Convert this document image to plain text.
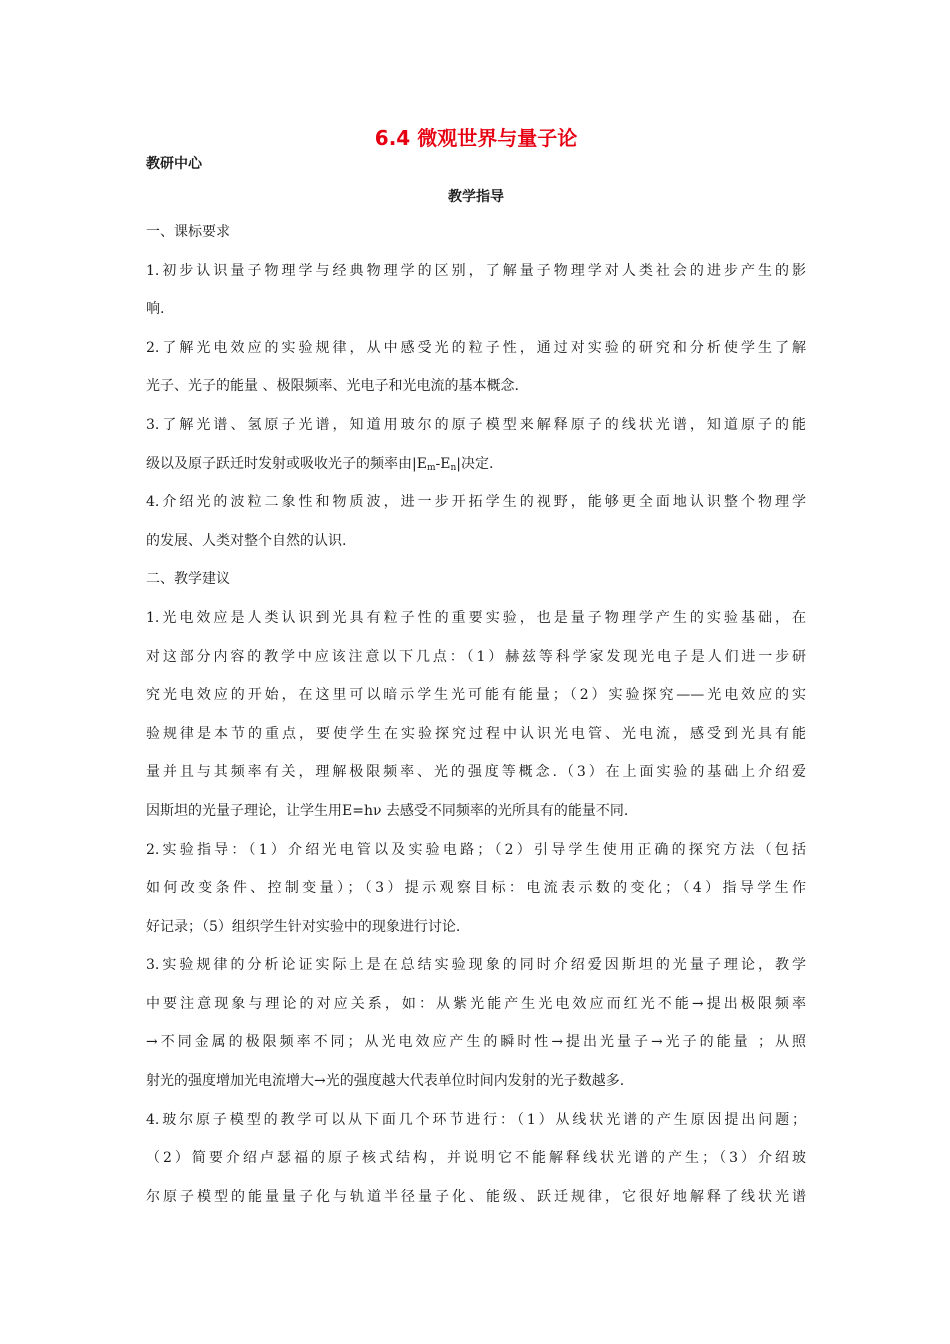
6.4 微观世界与量子论
教研中心
教学指导
一、课标要求
1.初步认识量子物理学与经典物理学的区别，了解量子物理学对人类社会的进步产生的影
响.
2.了解光电效应的实验规律，从中感受光的粒子性，通过对实验的研究和分析使学生了解
光子、光子的能量 、极限频率、光电子和光电流的基本概念.
3.了解光谱、氢原子光谱，知道用玻尔的原子模型来解释原子的线状光谱，知道原子的能
级以及原子跃迁时发射或吸收光子的频率由$|E_m-E_n|$决定.
4.介绍光的波粒二象性和物质波，进一步开拓学生的视野，能够更全面地认识整个物理学
的发展、人类对整个自然的认识.
二、教学建议
1.光电效应是人类认识到光具有粒子性的重要实验，也是量子物理学产生的实验基础，在
对这部分内容的教学中应该注意以下几点：（1）赫兹等科学家发现光电子是人们进一步研
究光电效应的开始，在这里可以暗示学生光可能有能量；（2）实验探究——光电效应的实
验规律是本节的重点，要使学生在实验探究过程中认识光电管、光电流，感受到光具有能
量并且与其频率有关，理解极限频率、光的强度等概念.（3）在上面实验的基础上介绍爱
因斯坦的光量子理论，让学生用E=hν 去感受不同频率的光所具有的能量不同.
2.实验指导：（1）介绍光电管以及实验电路；（2）引导学生使用正确的探究方法（包括
如何改变条件、控制变量）；（3）提示观察目标：电流表示数的变化；（4）指导学生作
好记录；（5）组织学生针对实验中的现象进行讨论.
3.实验规律的分析论证实际上是在总结实验现象的同时介绍爱因斯坦的光量子理论，教学
中要注意现象与理论的对应关系，如：从紫光能产生光电效应而红光不能→提出极限频率
→不同金属的极限频率不同；从光电效应产生的瞬时性→提出光量子→光子的能量 ；从照
射光的强度增加光电流增大→光的强度越大代表单位时间内发射的光子数越多.
4.玻尔原子模型的教学可以从下面几个环节进行：（1）从线状光谱的产生原因提出问题；
（2）简要介绍卢瑟福的原子核式结构，并说明它不能解释线状光谱的产生；（3）介绍玻
尔原子模型的能量量子化与轨道半径量子化、能级、跃迁规律，它很好地解释了线状光谱
